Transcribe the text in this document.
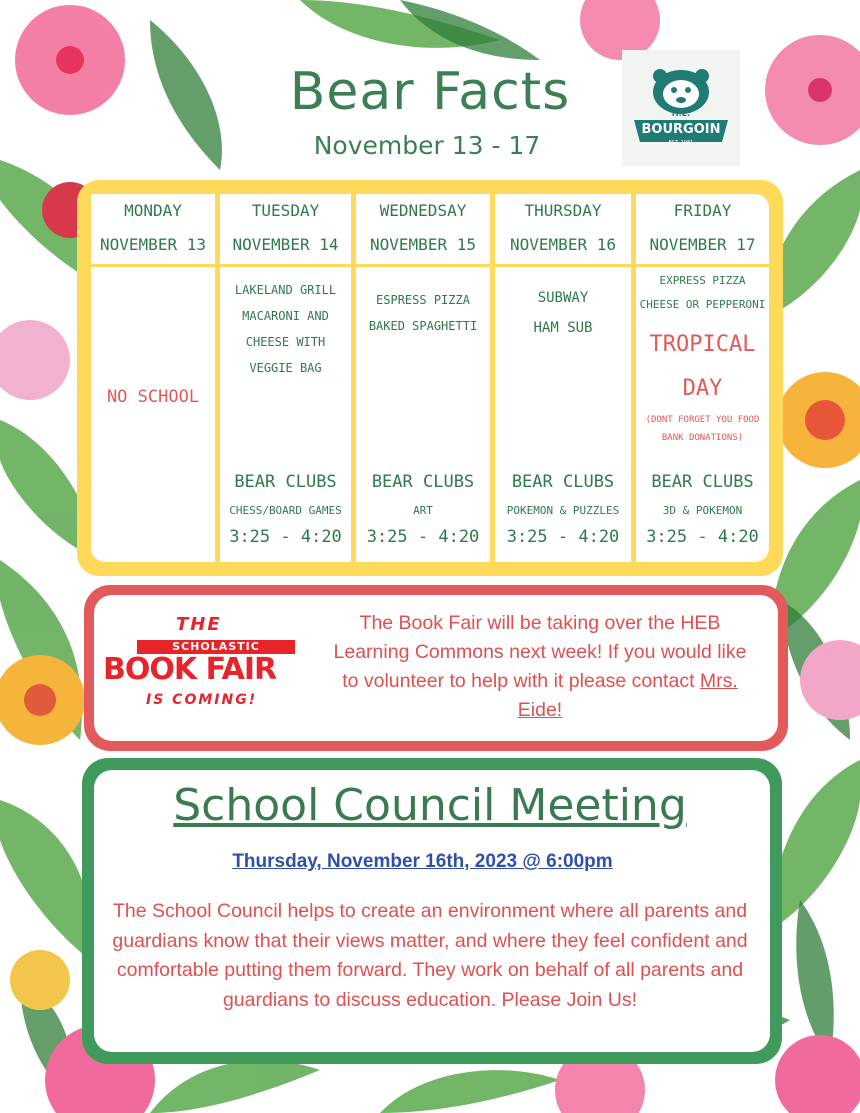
Bear Facts
November 13 - 17
H.E.
BOURGOIN
EST. 1981
MONDAY
NOVEMBER 13
TUESDAY
NOVEMBER 14
WEDNEDSAY
NOVEMBER 15
THURSDAY
NOVEMBER 16
FRIDAY
NOVEMBER 17
NO SCHOOL
LAKELAND GRILL
MACARONI AND
CHEESE WITH
VEGGIE BAG
BEAR CLUBS
CHESS/BOARD GAMES
3:25 - 4:20
ESPRESS PIZZA
BAKED SPAGHETTI
BEAR CLUBS
ART
3:25 - 4:20
SUBWAY
HAM SUB
BEAR CLUBS
POKEMON & PUZZLES
3:25 - 4:20
EXPRESS PIZZA
CHEESE OR PEPPERONI
TROPICAL
DAY
(DONT FORGET YOU FOOD
BANK DONATIONS)
BEAR CLUBS
3D & POKEMON
3:25 - 4:20
THE
SCHOLASTIC
BOOK FAIR
IS COMING!
The Book Fair will be taking over the HEB Learning Commons next week! If you would like to volunteer to help with it please contact Mrs. Eide!
School Council Meeting
Thursday, November 16th, 2023 @ 6:00pm
The School Council helps to create an environment where all parents and guardians know that their views matter, and where they feel confident and comfortable putting them forward. They work on behalf of all parents and guardians to discuss education. Please Join Us!
